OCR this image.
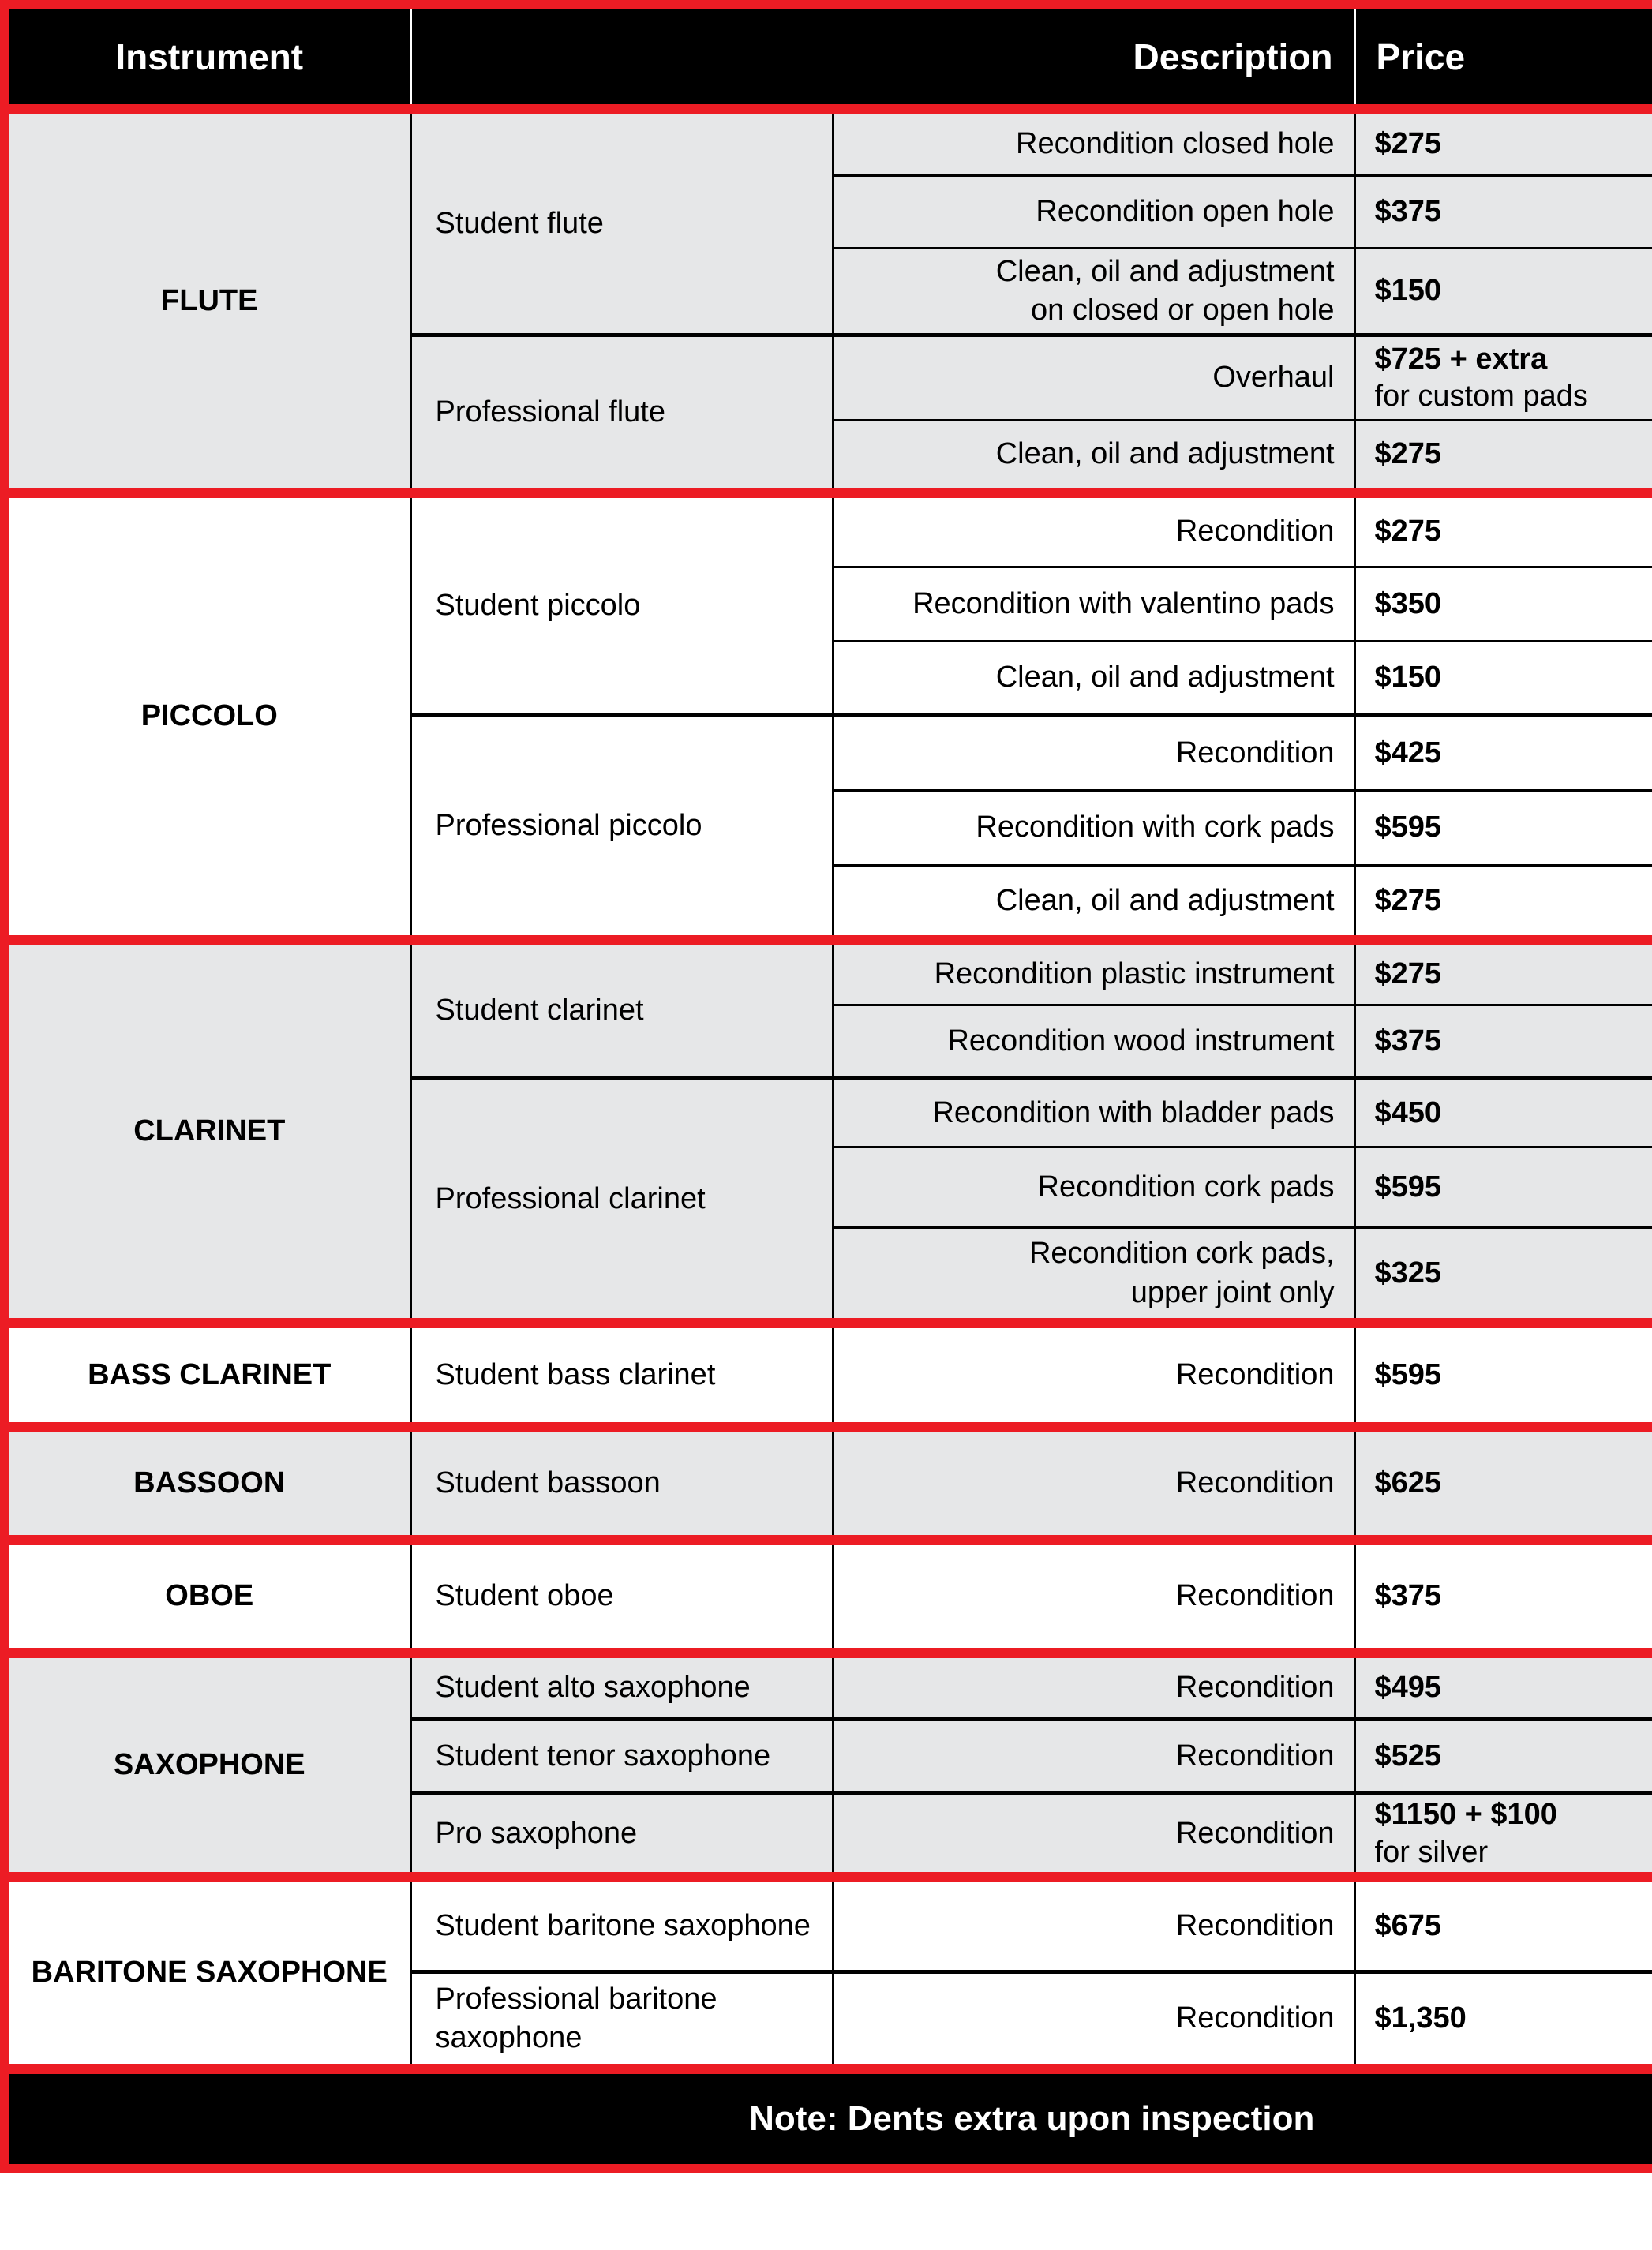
Instrument	Description		Price
FLUTE	Student flute	Recondition closed hole	$275
		Recondition open hole	$375
		Clean, oil and adjustment
on closed or open hole	$150
	Professional flute	Overhaul	$725 + extra
for custom pads

		Clean, oil and adjustment	$275
PICCOLO	Student piccolo	Recondition	$275
		Recondition with valentino pads	$350
		Clean, oil and adjustment	$150
	Professional piccolo	Recondition	$425
		Recondition with cork pads	$595
		Clean, oil and adjustment	$275
CLARINET	Student clarinet	Recondition plastic instrument	$275
		Recondition wood instrument	$375
	Professional clarinet	Recondition with bladder pads	$450
		Recondition cork pads	$595
		Recondition cork pads,
upper joint only	$325
BASS CLARINET	Student bass clarinet	Recondition	$595
BASSOON	Student bassoon	Recondition	$625
OBOE	Student oboe	Recondition	$375
SAXOPHONE	Student alto saxophone	Recondition	$495
	Student tenor saxophone	Recondition	$525
	Pro saxophone	Recondition	$1150 + $100
for silver

BARITONE SAXOPHONE	Student baritone saxophone	Recondition	$675
	Professional baritone saxophone	Recondition	$1,350
	Note: Dents extra upon inspection		
